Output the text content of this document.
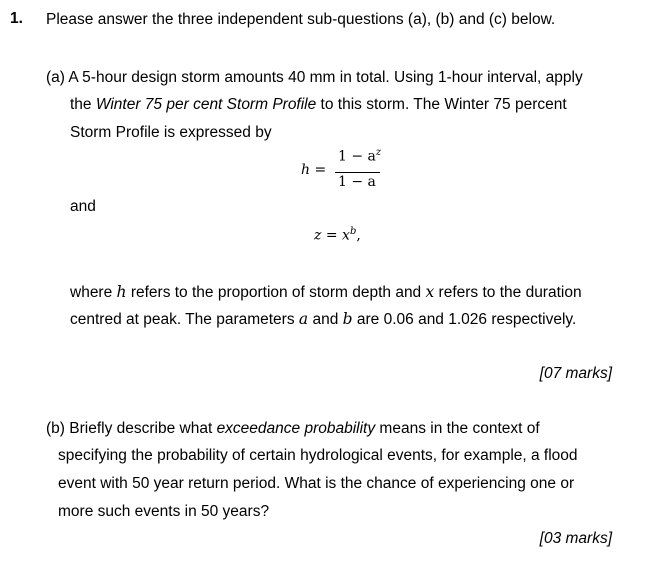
1. Please answer the three independent sub-questions (a), (b) and (c) below.
(a) A 5-hour design storm amounts 40 mm in total. Using 1-hour interval, apply
the Winter 75 per cent Storm Profile to this storm. The Winter 75 percent
Storm Profile is expressed by
h =
$1 - a^z$
1 − a
and
$z = x^b$,
where h refers to the proportion of storm depth and x refers to the duration
centred at peak. The parameters a and b are 0.06 and 1.026 respectively.
[07 marks]
(b) Briefly describe what exceedance probability means in the context of
specifying the probability of certain hydrological events, for example, a flood
event with 50 year return period. What is the chance of experiencing one or
more such events in 50 years?
[03 marks]
